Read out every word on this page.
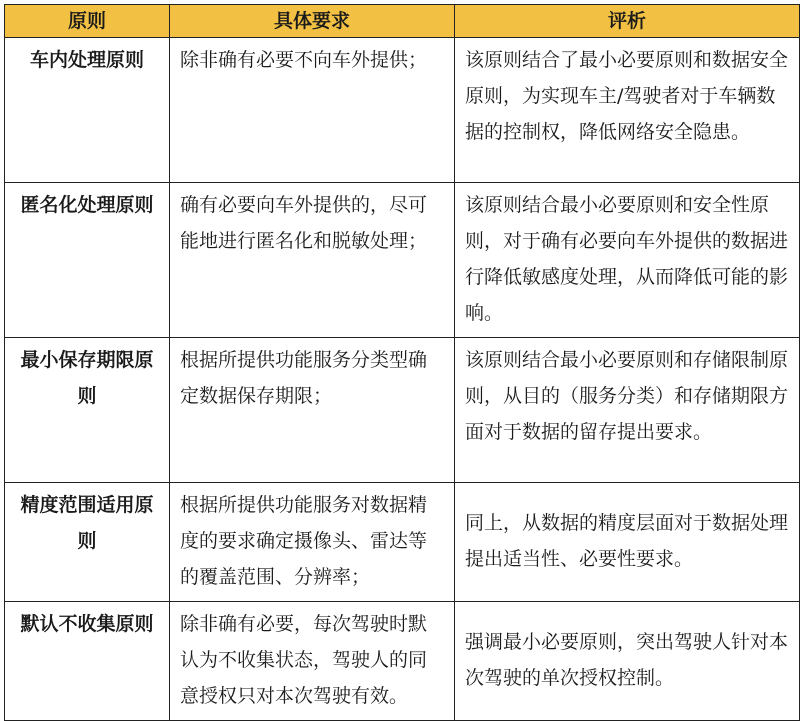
原则	具体要求	评析

车内处理原则	除非确有必要不向车外提供；	该原则结合了最小必要原则和数据安全原则，为实现车主/驾驶者对于车辆数据的控制权，降低网络安全隐患。

匿名化处理原则	确有必要向车外提供的，尽可能地进行匿名化和脱敏处理；	该原则结合最小必要原则和安全性原则，对于确有必要向车外提供的数据进行降低敏感度处理，从而降低可能的影响。

最小保存期限原则	根据所提供功能服务分类型确定数据保存期限；	该原则结合最小必要原则和存储限制原则，从目的（服务分类）和存储期限方面对于数据的留存提出要求。

精度范围适用原则	根据所提供功能服务对数据精度的要求确定摄像头、雷达等的覆盖范围、分辨率；	同上，从数据的精度层面对于数据处理提出适当性、必要性要求。

默认不收集原则	除非确有必要，每次驾驶时默认为不收集状态，驾驶人的同意授权只对本次驾驶有效。	强调最小必要原则，突出驾驶人针对本次驾驶的单次授权控制。
